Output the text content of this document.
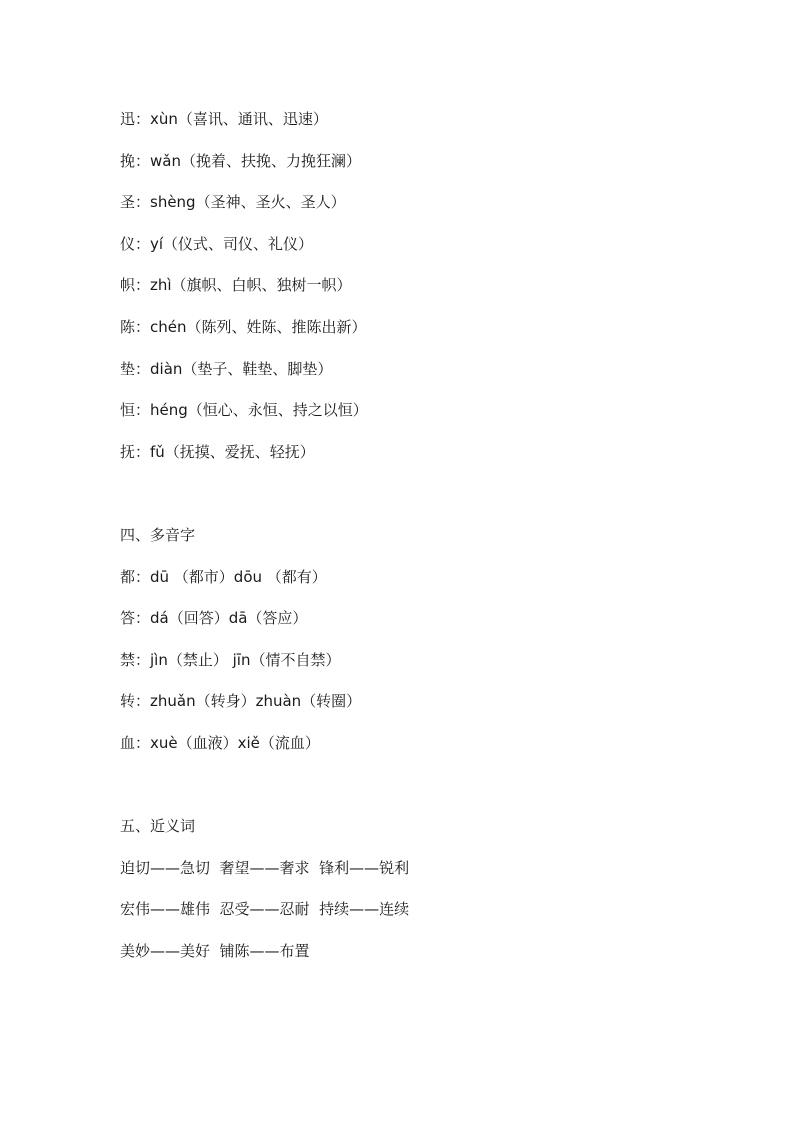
迅：xùn（喜讯、通讯、迅速）
挽：wǎn（挽着、扶挽、力挽狂澜）
圣：shèng（圣神、圣火、圣人）
仪：yí（仪式、司仪、礼仪）
帜：zhì（旗帜、白帜、独树一帜）
陈：chén（陈列、姓陈、推陈出新）
垫：diàn（垫子、鞋垫、脚垫）
恒：héng（恒心、永恒、持之以恒）
抚：fǔ（抚摸、爱抚、轻抚）
四、多音字
都：dū （都市）dōu （都有）
答：dá（回答）dā（答应）
禁：jìn（禁止） jīn（情不自禁）
转：zhuǎn（转身）zhuàn（转圈）
血：xuè（血液）xiě（流血）
五、近义词
迫切——急切  奢望——奢求  锋利——锐利
宏伟——雄伟  忍受——忍耐  持续——连续
美妙——美好  铺陈——布置
